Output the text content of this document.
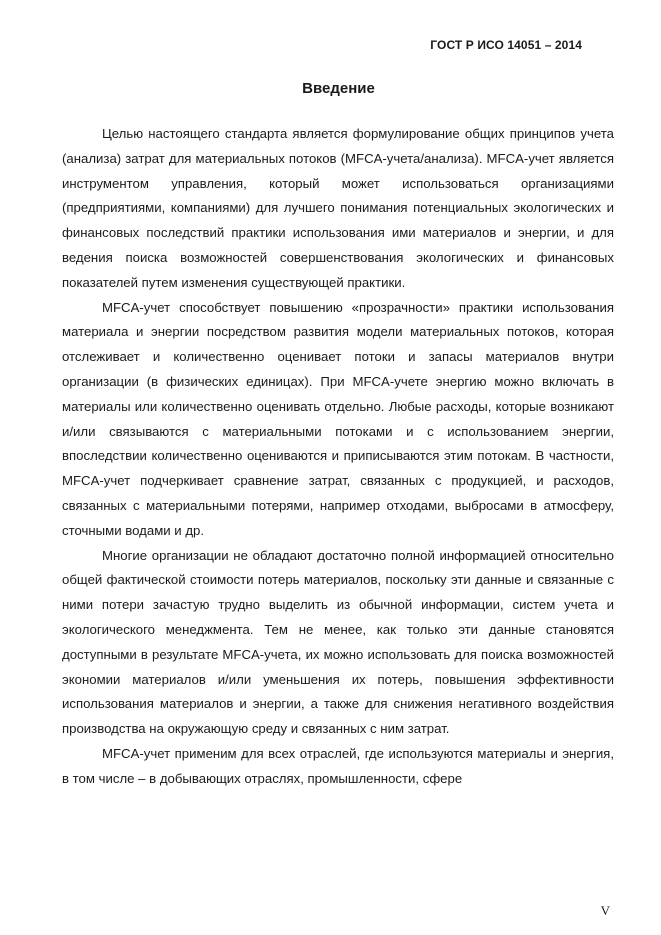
ГОСТ Р ИСО 14051 – 2014
Введение

Целью настоящего стандарта является формулирование общих принципов учета (анализа) затрат для материальных потоков (MFCA-учета/анализа). MFCA-учет является инструментом управления, который может использоваться организациями (предприятиями, компаниями) для лучшего понимания потенциальных экологических и финансовых последствий практики использования ими материалов и энергии, и для ведения поиска возможностей совершенствования экологических и финансовых показателей путем изменения существующей практики.

MFCA-учет способствует повышению «прозрачности» практики использования материала и энергии посредством развития модели материальных потоков, которая отслеживает и количественно оценивает потоки и запасы материалов внутри организации (в физических единицах). При MFCA-учете энергию можно включать в материалы или количественно оценивать отдельно. Любые расходы, которые возникают и/или связываются с материальными потоками и с использованием энергии, впоследствии количественно оцениваются и приписываются этим потокам. В частности, MFCA-учет подчеркивает сравнение затрат, связанных с продукцией, и расходов, связанных с материальными потерями, например отходами, выбросами в атмосферу, сточными водами и др.

Многие организации не обладают достаточно полной информацией относительно общей фактической стоимости потерь материалов, поскольку эти данные и связанные с ними потери зачастую трудно выделить из обычной информации, систем учета и экологического менеджмента. Тем не менее, как только эти данные становятся доступными в результате MFCA-учета, их можно использовать для поиска возможностей экономии материалов и/или уменьшения их потерь, повышения эффективности использования материалов и энергии, а также для снижения негативного воздействия производства на окружающую среду и связанных с ним затрат.

MFCA-учет применим для всех отраслей, где используются материалы и энергия, в том числе – в добывающих отраслях, промышленности, сфере

V
